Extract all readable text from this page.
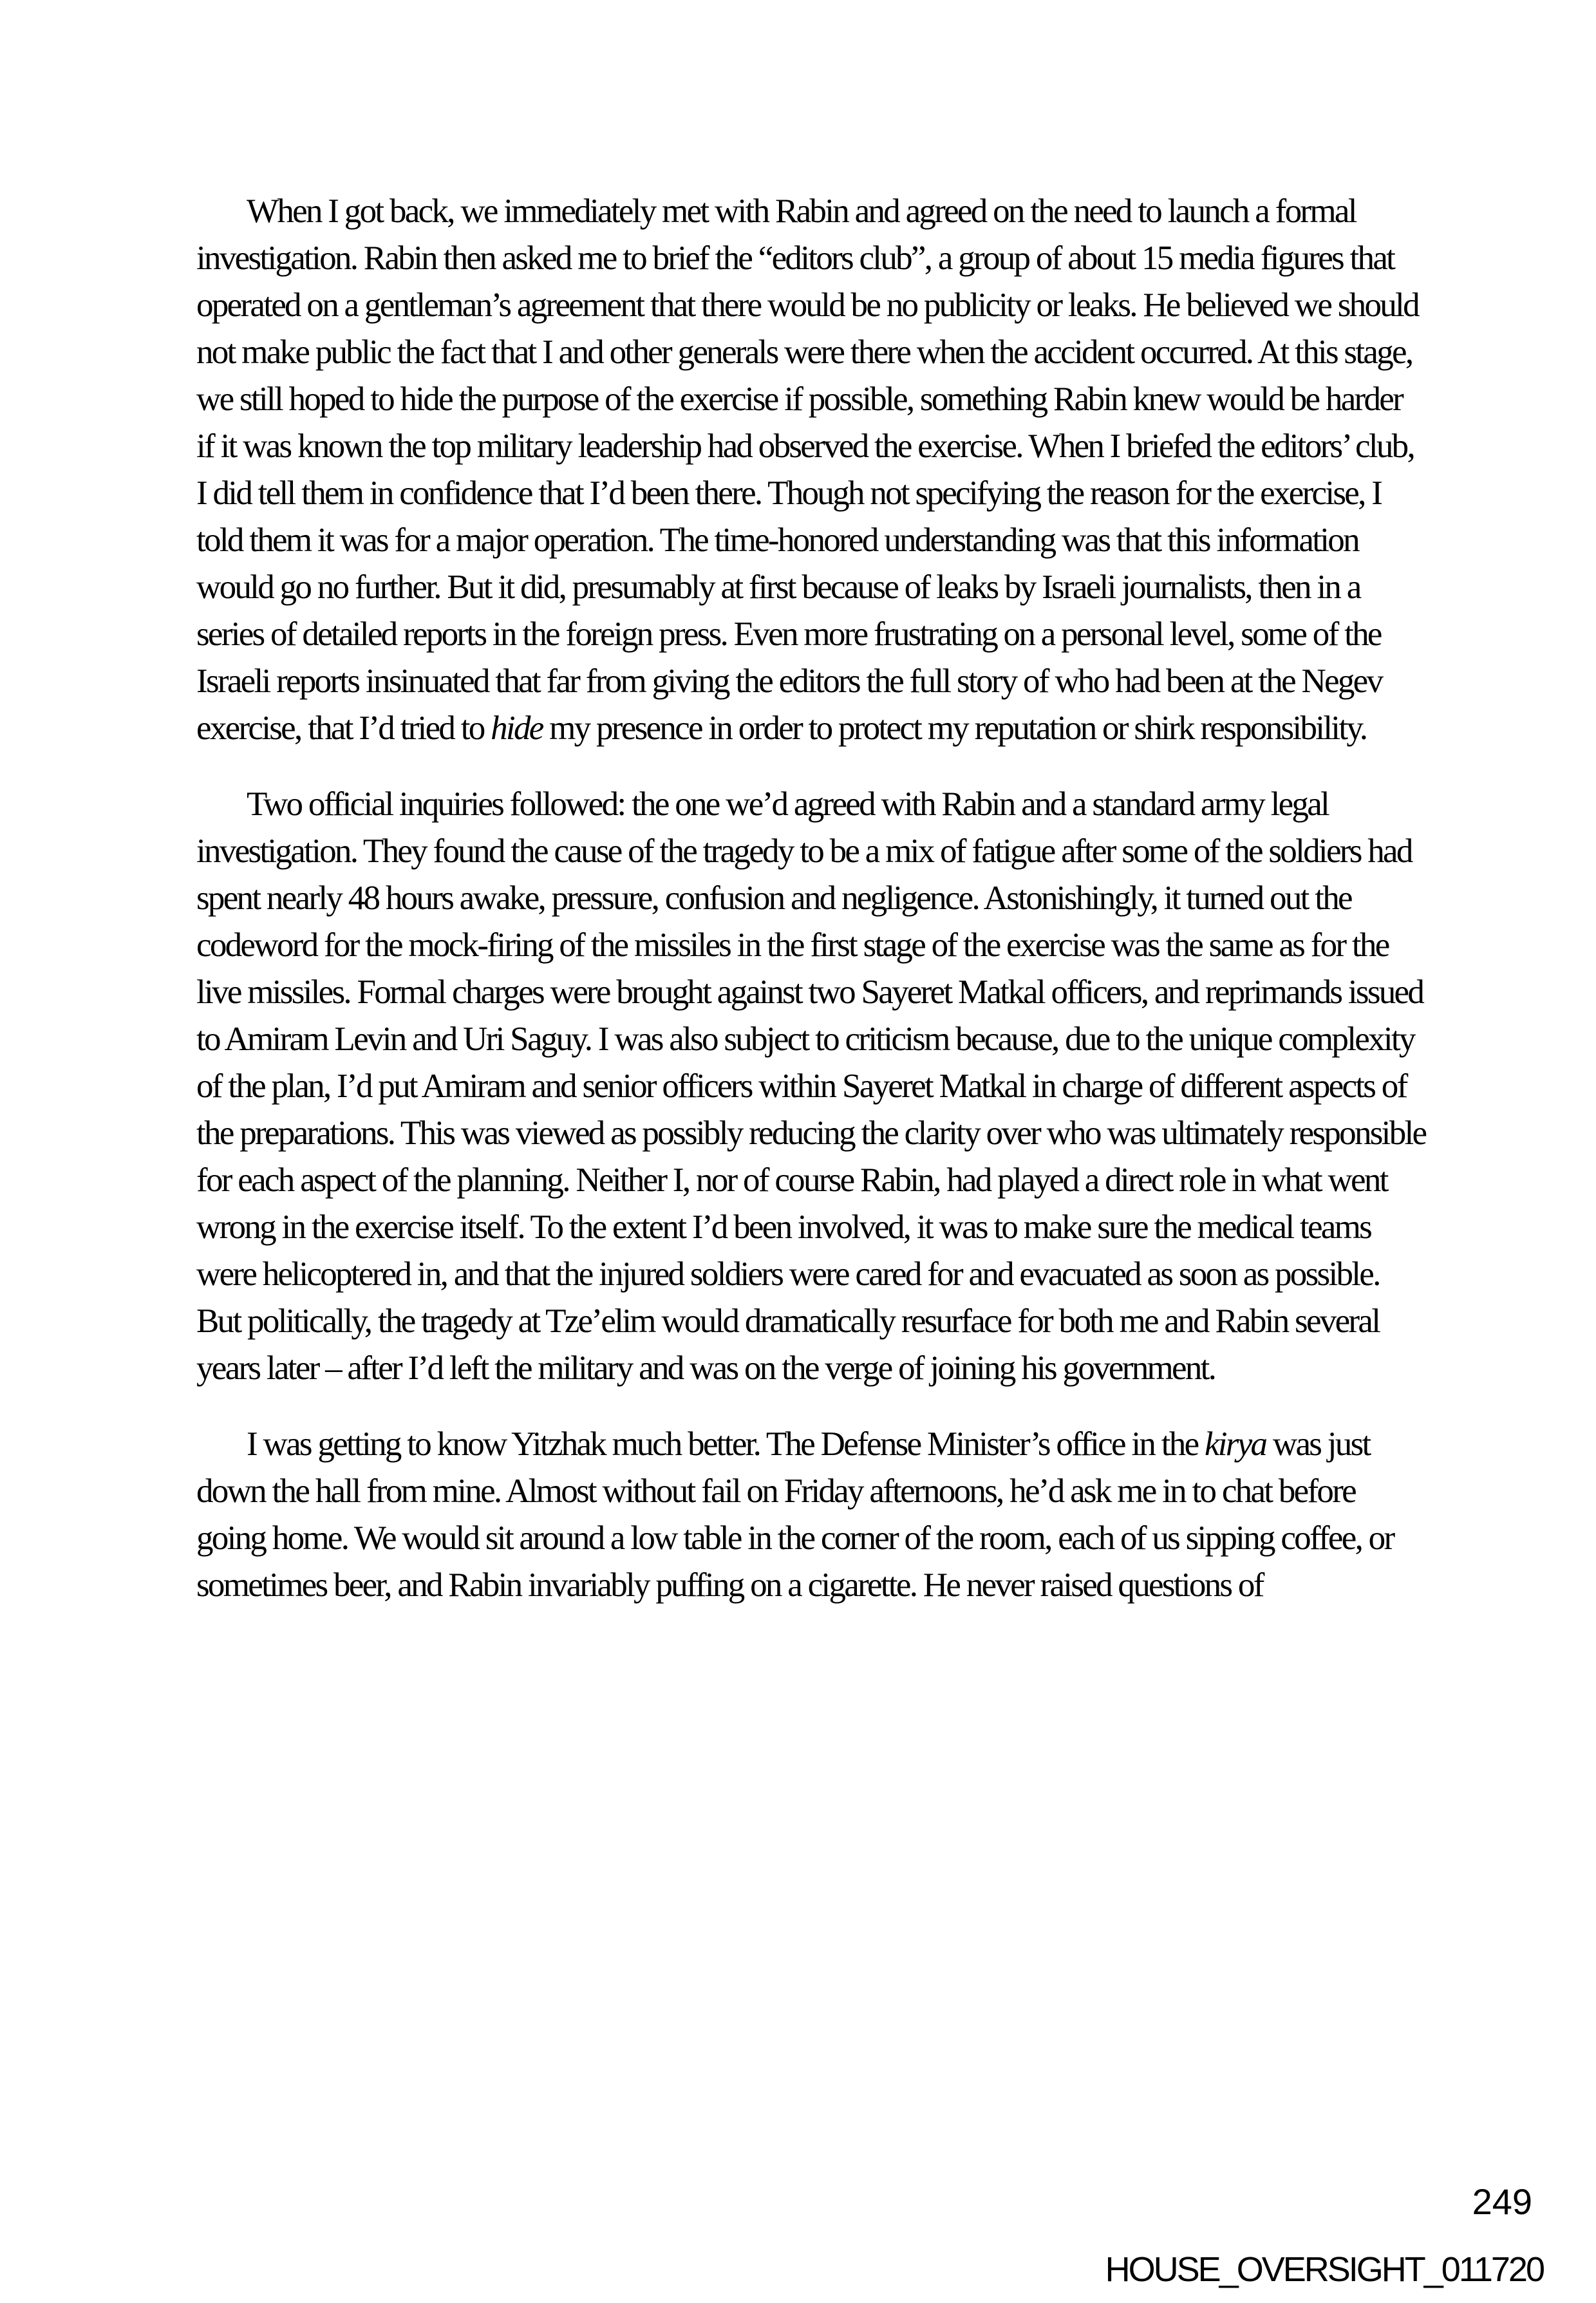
When I got back, we immediately met with Rabin and agreed on the need to launch a formal investigation. Rabin then asked me to brief the “editors club”, a group of about 15 media figures that operated on a gentleman’s agreement that there would be no publicity or leaks. He believed we should not make public the fact that I and other generals were there when the accident occurred. At this stage, we still hoped to hide the purpose of the exercise if possible, something Rabin knew would be harder if it was known the top military leadership had observed the exercise. When I briefed the editors’ club, I did tell them in confidence that I’d been there. Though not specifying the reason for the exercise, I told them it was for a major operation. The time-honored understanding was that this information would go no further. But it did, presumably at first because of leaks by Israeli journalists, then in a series of detailed reports in the foreign press. Even more frustrating on a personal level, some of the Israeli reports insinuated that far from giving the editors the full story of who had been at the Negev exercise, that I’d tried to hide my presence in order to protect my reputation or shirk responsibility.

Two official inquiries followed: the one we’d agreed with Rabin and a standard army legal investigation. They found the cause of the tragedy to be a mix of fatigue after some of the soldiers had spent nearly 48 hours awake, pressure, confusion and negligence. Astonishingly, it turned out the codeword for the mock-firing of the missiles in the first stage of the exercise was the same as for the live missiles. Formal charges were brought against two Sayeret Matkal officers, and reprimands issued to Amiram Levin and Uri Saguy. I was also subject to criticism because, due to the unique complexity of the plan, I’d put Amiram and senior officers within Sayeret Matkal in charge of different aspects of the preparations. This was viewed as possibly reducing the clarity over who was ultimately responsible for each aspect of the planning. Neither I, nor of course Rabin, had played a direct role in what went wrong in the exercise itself. To the extent I’d been involved, it was to make sure the medical teams were helicoptered in, and that the injured soldiers were cared for and evacuated as soon as possible. But politically, the tragedy at Tze’elim would dramatically resurface for both me and Rabin several years later – after I’d left the military and was on the verge of joining his government.

I was getting to know Yitzhak much better. The Defense Minister’s office in the kirya was just down the hall from mine. Almost without fail on Friday afternoons, he’d ask me in to chat before going home. We would sit around a low table in the corner of the room, each of us sipping coffee, or sometimes beer, and Rabin invariably puffing on a cigarette. He never raised questions of

249
HOUSE_OVERSIGHT_011720
